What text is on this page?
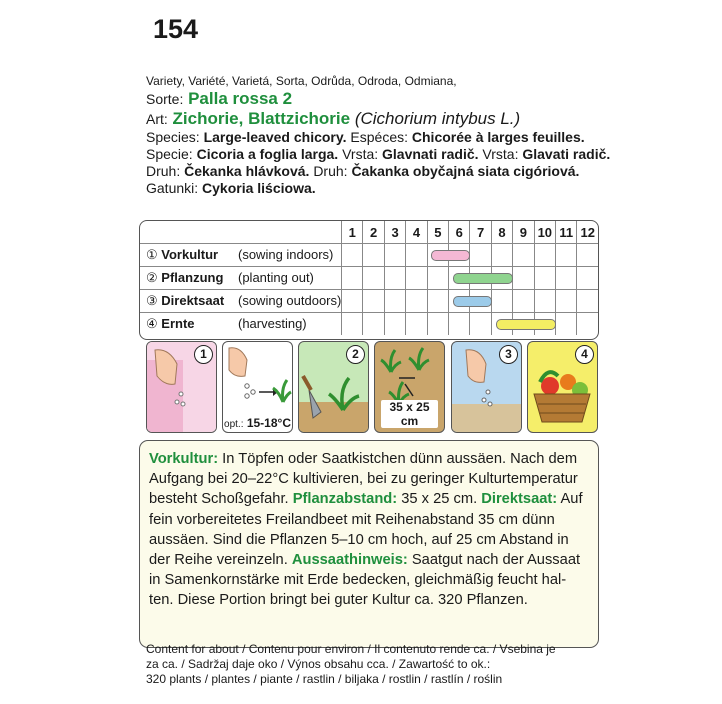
154
Variety, Variété, Varietá, Sorta, Odrůda, Odroda, Odmiana,
Sorte: Palla rossa 2
Art: Zichorie, Blattzichorie (Cichorium intybus L.)
Species: Large-leaved chicory. Espéces: Chicorée à larges feuilles.
Specie: Cicoria a foglia larga. Vrsta: Glavnati radič. Vrsta: Glavati radič.
Druh: Čekanka hlávková. Druh: Čakanka obyčajná siata cigóriová.
Gatunki: Cykoria liściowa.
	1	2	3	4	5	6	7	8	9	10	11	12
① Vorkultur (sowing indoors)												

② Pflanzung (planting out)												

③ Direktsaat (sowing outdoors)												

④ Ernte (harvesting)												

1
opt.: 15-18°C
2
35 x 25 cm
3	4
Vorkultur: In Töpfen oder Saatkistchen dünn aussäen. Nach dem Aufgang bei 20–22°C kultivieren, bei zu geringer Kulturtemperatur besteht Schoßgefahr. Pflanzabstand: 35 x 25 cm. Direktsaat: Auf fein vorbereitetes Freilandbeet mit Reihenabstand 35 cm dünn aussäen. Sind die Pflanzen 5–10 cm hoch, auf 25 cm Abstand in der Reihe vereinzeln. Aussaathinweis: Saatgut nach der Aussaat in Samenkornstärke mit Erde bedecken, gleichmäßig feucht hal-ten. Diese Portion bringt bei guter Kultur ca. 320 Pflanzen.
Content for about / Contenu pour environ / Il contenuto rende ca. / Vsebina je
za ca. / Sadržaj daje oko / Výnos obsahu cca. / Zawartość to ok.:
320 plants / plantes / piante / rastlin / biljaka / rostlin / rastlín / roślin
